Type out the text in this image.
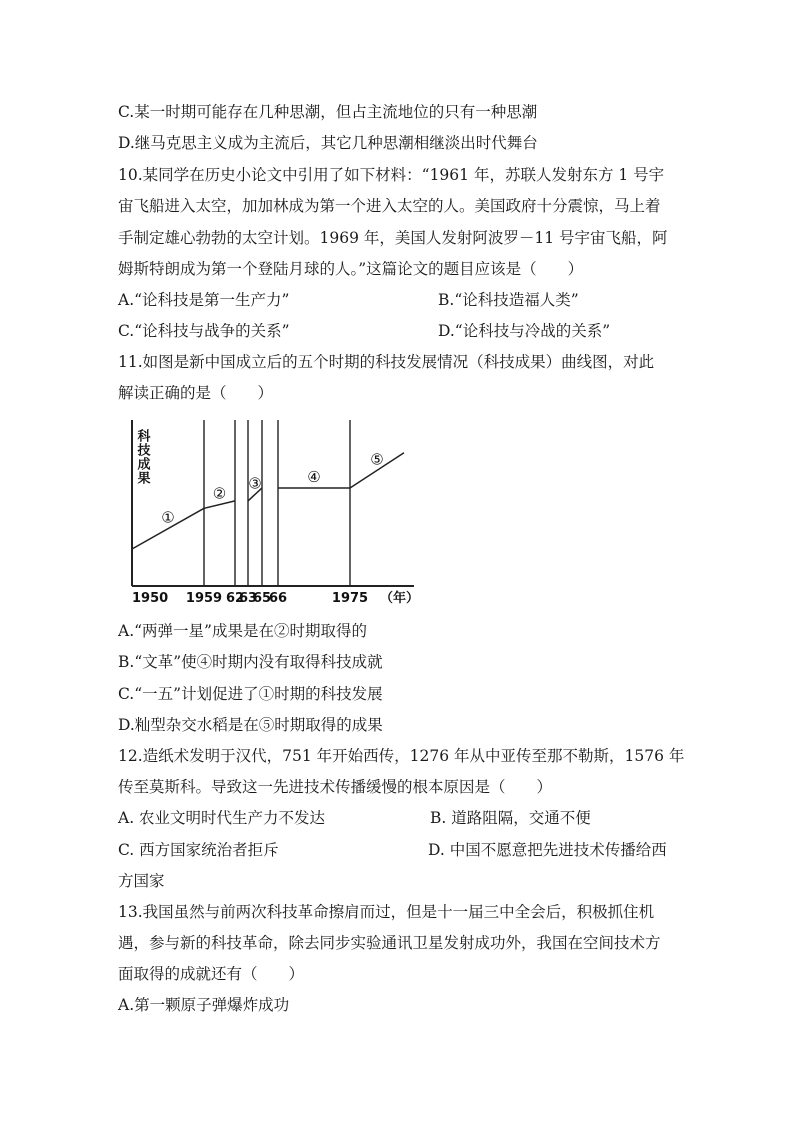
C.某一时期可能存在几种思潮，但占主流地位的只有一种思潮
D.继马克思主义成为主流后，其它几种思潮相继淡出时代舞台
10.某同学在历史小论文中引用了如下材料：“1961 年，苏联人发射东方 1 号宇
宙飞船进入太空，加加林成为第一个进入太空的人。美国政府十分震惊，马上着
手制定雄心勃勃的太空计划。1969 年，美国人发射阿波罗－11 号宇宙飞船，阿
姆斯特朗成为第一个登陆月球的人。”这篇论文的题目应该是（　　）
A.“论科技是第一生产力”	B.“论科技造福人类”
C.“论科技与战争的关系”	D.“论科技与冷战的关系”
11.如图是新中国成立后的五个时期的科技发展情况（科技成果）曲线图，对此
解读正确的是（　　）
①
②
③	④
⑤
1950 1959 62
63
65
66	1975
科技成果
（年）
A.“两弹一星”成果是在②时期取得的
B.“文革”使④时期内没有取得科技成就
C.“一五”计划促进了①时期的科技发展
D.籼型杂交水稻是在⑤时期取得的成果
12.造纸术发明于汉代，751 年开始西传，1276 年从中亚传至那不勒斯，1576 年
传至莫斯科。导致这一先进技术传播缓慢的根本原因是（　　）
A. 农业文明时代生产力不发达	B. 道路阻隔，交通不便
C. 西方国家统治者拒斥	D. 中国不愿意把先进技术传播给西
方国家
13.我国虽然与前两次科技革命擦肩而过，但是十一届三中全会后，积极抓住机
遇，参与新的科技革命，除去同步实验通讯卫星发射成功外，我国在空间技术方
面取得的成就还有（　　）
A.第一颗原子弹爆炸成功
